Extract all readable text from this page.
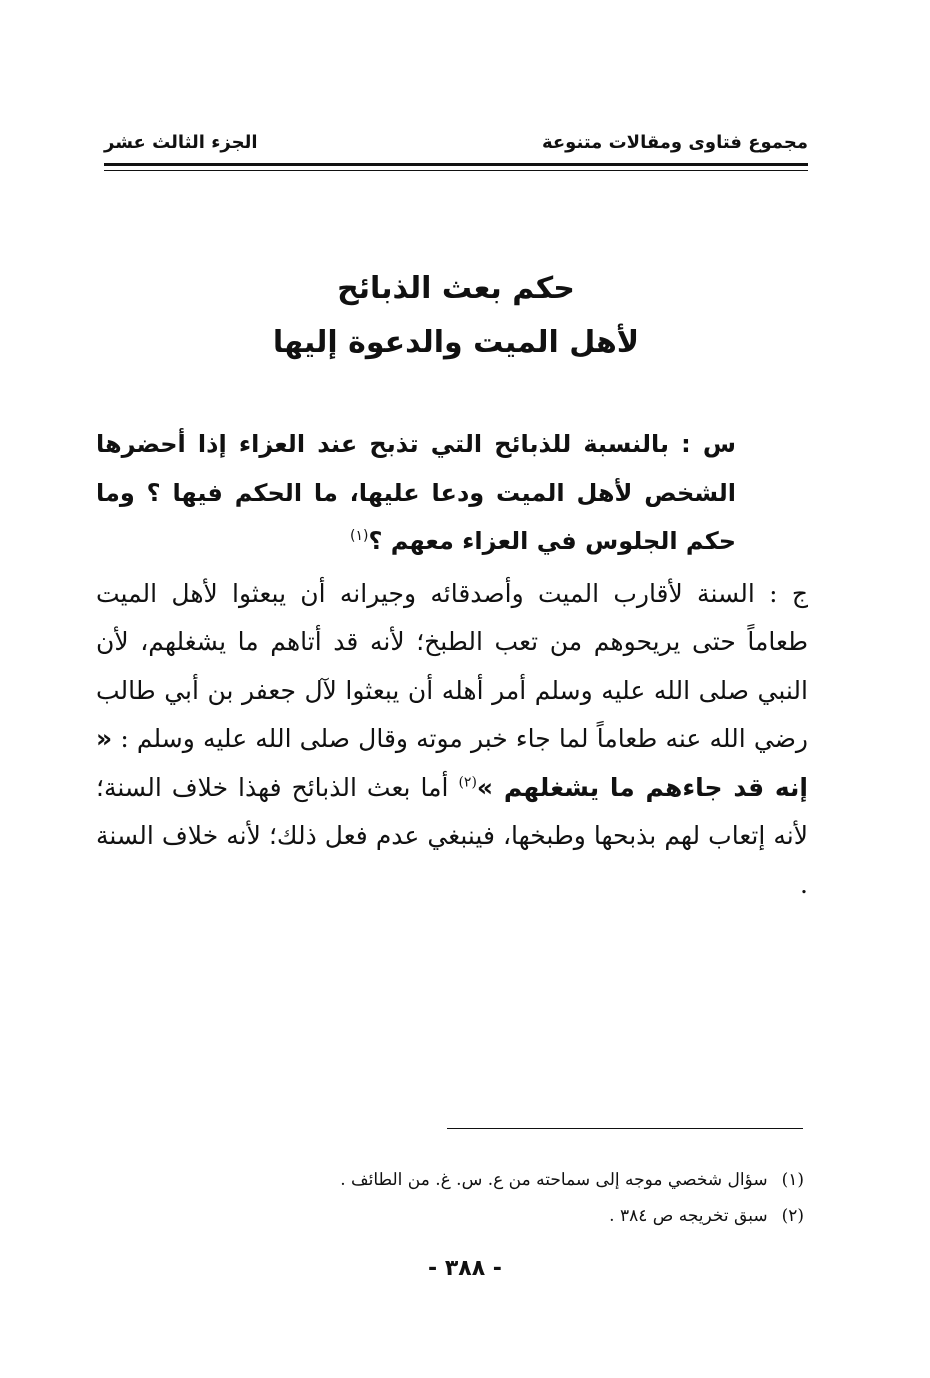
مجموع فتاوى ومقالات متنوعة
الجزء الثالث عشر
حكم بعث الذبائح
لأهل الميت والدعوة إليها
س : بالنسبة للذبائح التي تذبح عند العزاء إذا أحضرها الشخص لأهل الميت ودعا عليها، ما الحكم فيها ؟ وما حكم الجلوس في العزاء معهم ؟$^{(١)}$
ج : السنة لأقارب الميت وأصدقائه وجيرانه أن يبعثوا لأهل الميت طعاماً حتى يريحوهم من تعب الطبخ؛ لأنه قد أتاهم ما يشغلهم، لأن النبي صلى الله عليه وسلم أمر أهله أن يبعثوا لآل جعفر بن أبي طالب رضي الله عنه طعاماً لما جاء خبر موته وقال صلى الله عليه وسلم : « إنه قد جاءهم ما يشغلهم »$^{(٢)}$ أما بعث الذبائح فهذا خلاف السنة؛ لأنه إتعاب لهم بذبحها وطبخها، فينبغي عدم فعل ذلك؛ لأنه خلاف السنة .
(١)سؤال شخصي موجه إلى سماحته من ع. س. غ. من الطائف .
(٢)سبق تخريجه ص ٣٨٤ .
- ٣٨٨ -
